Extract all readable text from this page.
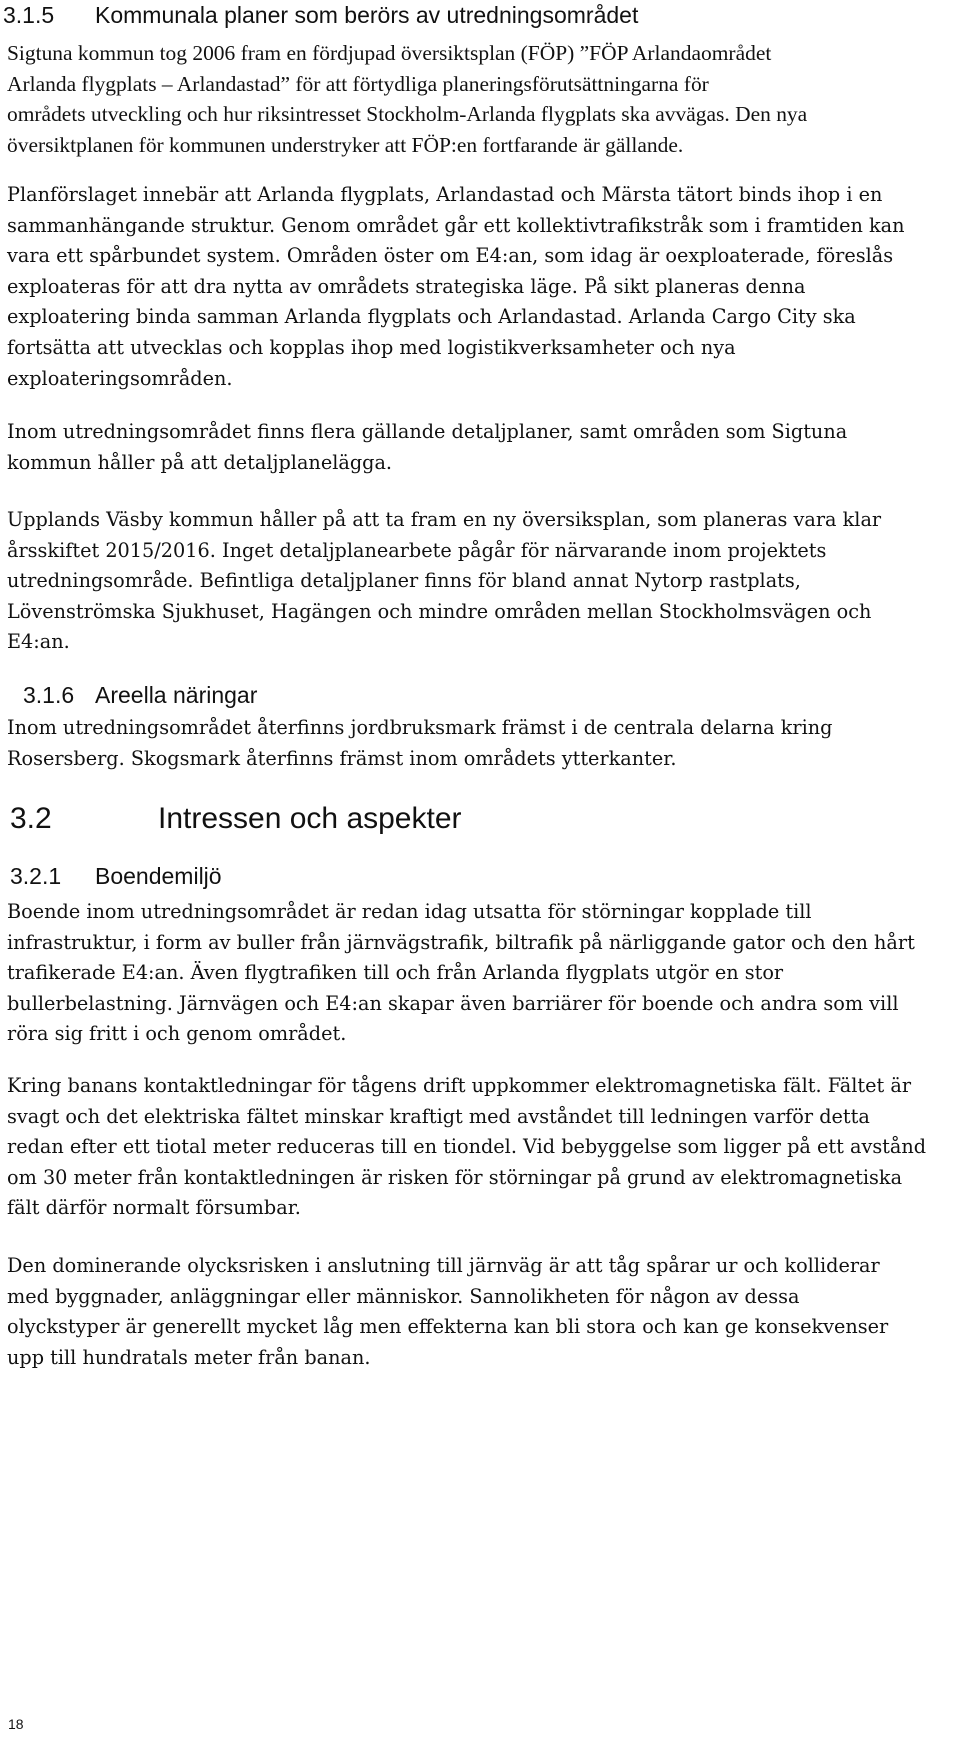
3.1.5 Kommunala planer som berörs av utredningsområdet
Sigtuna kommun tog 2006 fram en fördjupad översiktsplan (FÖP) ”FÖP Arlandaområdet
Arlanda flygplats – Arlandastad” för att förtydliga planeringsförutsättningarna för
områdets utveckling och hur riksintresset Stockholm-Arlanda flygplats ska avvägas. Den nya
översiktplanen för kommunen understryker att FÖP:en fortfarande är gällande.
Planförslaget innebär att Arlanda flygplats, Arlandastad och Märsta tätort binds ihop i en
sammanhängande struktur. Genom området går ett kollektivtrafikstråk som i framtiden kan
vara ett spårbundet system. Områden öster om E4:an, som idag är oexploaterade, föreslås
exploateras för att dra nytta av områdets strategiska läge. På sikt planeras denna
exploatering binda samman Arlanda flygplats och Arlandastad. Arlanda Cargo City ska
fortsätta att utvecklas och kopplas ihop med logistikverksamheter och nya
exploateringsområden.
Inom utredningsområdet finns flera gällande detaljplaner, samt områden som Sigtuna
kommun håller på att detaljplanelägga.
Upplands Väsby kommun håller på att ta fram en ny översiksplan, som planeras vara klar
årsskiftet 2015/2016. Inget detaljplanearbete pågår för närvarande inom projektets
utredningsområde. Befintliga detaljplaner finns för bland annat Nytorp rastplats,
Lövenströmska Sjukhuset, Hagängen och mindre områden mellan Stockholmsvägen och
E4:an.
3.1.6 Areella näringar
Inom utredningsområdet återfinns jordbruksmark främst i de centrala delarna kring
Rosersberg. Skogsmark återfinns främst inom områdets ytterkanter.
3.2	Intressen och aspekter
3.2.1 Boendemiljö
Boende inom utredningsområdet är redan idag utsatta för störningar kopplade till
infrastruktur, i form av buller från järnvägstrafik, biltrafik på närliggande gator och den hårt
trafikerade E4:an. Även flygtrafiken till och från Arlanda flygplats utgör en stor
bullerbelastning. Järnvägen och E4:an skapar även barriärer för boende och andra som vill
röra sig fritt i och genom området.
Kring banans kontaktledningar för tågens drift uppkommer elektromagnetiska fält. Fältet är
svagt och det elektriska fältet minskar kraftigt med avståndet till ledningen varför detta
redan efter ett tiotal meter reduceras till en tiondel. Vid bebyggelse som ligger på ett avstånd
om 30 meter från kontaktledningen är risken för störningar på grund av elektromagnetiska
fält därför normalt försumbar.
Den dominerande olycksrisken i anslutning till järnväg är att tåg spårar ur och kolliderar
med byggnader, anläggningar eller människor. Sannolikheten för någon av dessa
olyckstyper är generellt mycket låg men effekterna kan bli stora och kan ge konsekvenser
upp till hundratals meter från banan.
18
